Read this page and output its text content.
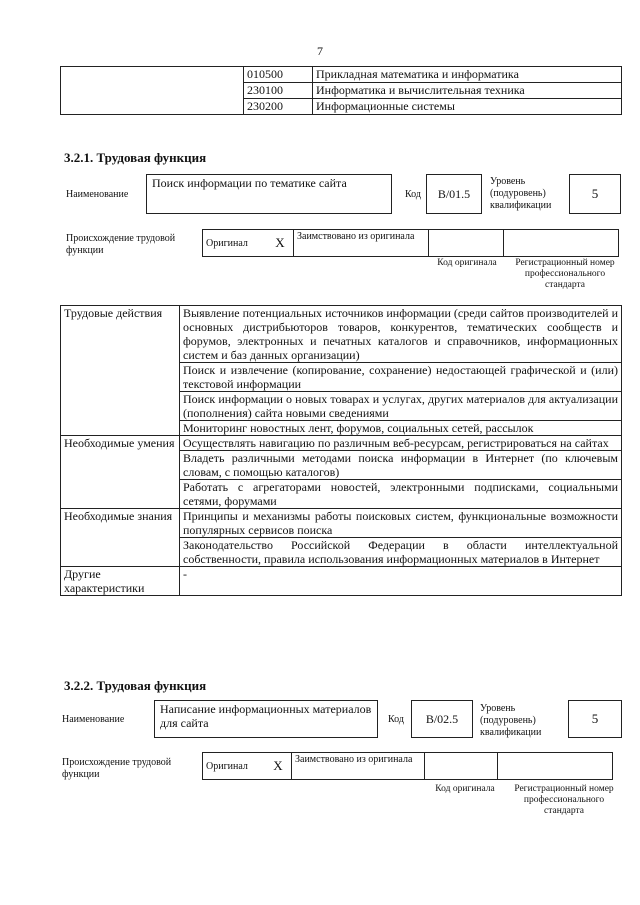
7
	010500	Прикладная математика и информатика
	230100	Информатика и вычислительная техника
	230200	Информационные системы
3.2.1. Трудовая функция
Наименование
Поиск информации по тематике сайта
Код	В/01.5
Уровень (подуровень) квалификации
5
Происхождение трудовой функции
Оригинал	X	Заимствовано из оригинала		
Код оригинала	Регистрационный номер профессионального стандарта
Трудовые действия	Выявление потенциальных источников информации (среди сайтов производителей и основных дистрибьюторов товаров, конкурентов, тематических сообществ и форумов, электронных и печатных каталогов и справочников, информационных систем и баз данных организации)
	Поиск и извлечение (копирование, сохранение) недостающей графической и (или) текстовой информации
	Поиск информации о новых товарах и услугах, других материалов для актуализации (пополнения) сайта новыми сведениями
	Мониторинг новостных лент, форумов, социальных сетей, рассылок
Необходимые умения	Осуществлять навигацию по различным веб-ресурсам, регистрироваться на сайтах
	Владеть различными методами поиска информации в Интернет (по ключевым словам, с помощью каталогов)
	Работать с агрегаторами новостей, электронными подписками, социальными сетями, форумами
Необходимые знания	Принципы и механизмы работы поисковых систем, функциональные возможности популярных сервисов поиска
	Законодательство Российской Федерации в области интеллектуальной собственности, правила использования информационных материалов в Интернет
Другие характеристики	-
3.2.2. Трудовая функция
Наименование
Написание информационных материалов для сайта	Код	В/02.5
Уровень (подуровень) квалификации
5
Происхождение трудовой функции
Оригинал	X	Заимствовано из оригинала		
Код оригинала	Регистрационный номер профессионального стандарта
